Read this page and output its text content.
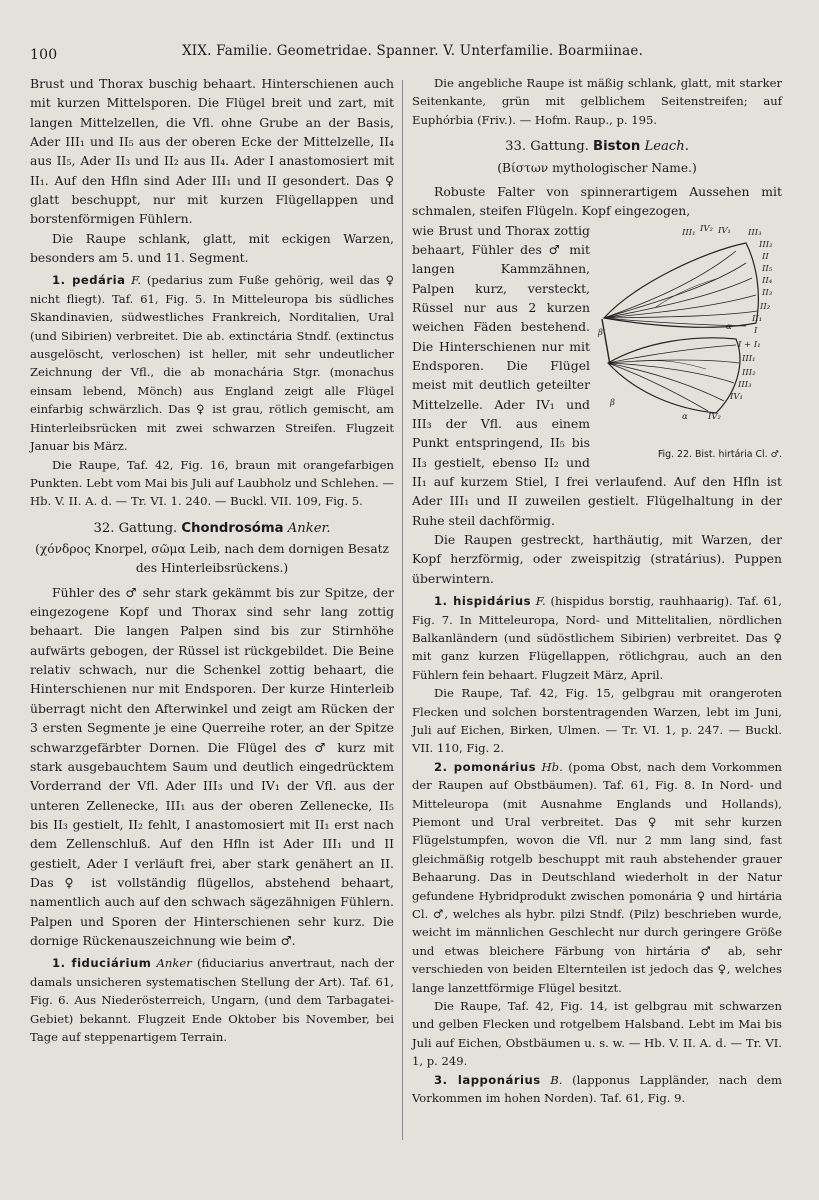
100	XIX. Familie. Geometridae. Spanner. V. Unterfamilie. Boarmiinae.

Brust und Thorax buschig behaart. Hinterschienen auch mit kurzen Mittelsporen. Die Flügel breit und zart, mit langen Mittelzellen, die Vfl. ohne Grube an der Basis, Ader III₁ und II₅ aus der oberen Ecke der Mittelzelle, II₄ aus II₅, Ader II₃ und II₂ aus II₄. Ader I anastomosiert mit II₁. Auf den Hfln sind Ader III₁ und II gesondert. Das ♀ glatt beschuppt, nur mit kurzen Flügellappen und borstenförmigen Fühlern.

Die Raupe schlank, glatt, mit eckigen Warzen, besonders am 5. und 11. Segment.

1. pedária F. (pedarius zum Fuße gehörig, weil das ♀ nicht fliegt). Taf. 61, Fig. 5. In Mitteleuropa bis südliches Skandinavien, südwestliches Frankreich, Norditalien, Ural (und Sibirien) verbreitet. Die ab. extinctária Stndf. (extinctus ausgelöscht, verloschen) ist heller, mit sehr undeutlicher Zeichnung der Vfl., die ab monachária Stgr. (monachus einsam lebend, Mönch) aus England zeigt alle Flügel einfarbig schwärzlich. Das ♀ ist grau, rötlich gemischt, am Hinterleibsrücken mit zwei schwarzen Streifen. Flugzeit Januar bis März.

Die Raupe, Taf. 42, Fig. 16, braun mit orangefarbigen Punkten. Lebt vom Mai bis Juli auf Laubholz und Schlehen. — Hb. V. II. A. d. — Tr. VI. 1. 240. — Buckl. VII. 109, Fig. 5.

32. Gattung. Chondrosóma Anker.

(χόνδρος Knorpel, σῶμα Leib, nach dem dornigen Besatz des Hinterleibsrückens.)

Fühler des ♂ sehr stark gekämmt bis zur Spitze, der eingezogene Kopf und Thorax sind sehr lang zottig behaart. Die langen Palpen sind bis zur Stirnhöhe aufwärts gebogen, der Rüssel ist rückgebildet. Die Beine relativ schwach, nur die Schenkel zottig behaart, die Hinterschienen nur mit Endsporen. Der kurze Hinterleib überragt nicht den Afterwinkel und zeigt am Rücken der 3 ersten Segmente je eine Querreihe roter, an der Spitze schwarzgefärbter Dornen. Die Flügel des ♂ kurz mit stark ausgebauchtem Saum und deutlich eingedrücktem Vorderrand der Vfl. Ader III₃ und IV₁ der Vfl. aus der unteren Zellenecke, III₁ aus der oberen Zellenecke, II₅ bis II₃ gestielt, II₂ fehlt, I anastomosiert mit II₁ erst nach dem Zellenschluß. Auf den Hfln ist Ader III₁ und II gestielt, Ader I verläuft frei, aber stark genähert an II. Das ♀ ist vollständig flügellos, abstehend behaart, namentlich auch auf den schwach sägezähnigen Fühlern. Palpen und Sporen der Hinterschienen sehr kurz. Die dornige Rückenauszeichnung wie beim ♂.

1. fiduciárium Anker (fiduciarius anvertraut, nach der damals unsicheren systematischen Stellung der Art). Taf. 61, Fig. 6. Aus Niederösterreich, Ungarn, (und dem Tarbagatei-Gebiet) bekannt. Flugzeit Ende Oktober bis November, bei Tage auf steppenartigem Terrain.

Die angebliche Raupe ist mäßig schlank, glatt, mit starker Seitenkante, grün mit gelblichem Seitenstreifen; auf Euphórbia (Friv.). — Hofm. Raup., p. 195.

33. Gattung. Biston Leach.

(Bίστων mythologischer Name.)

Robuste Falter von spinnerartigem Aussehen mit schmalen, steifen Flügeln. Kopf eingezogen,

III₁ IV₂ IV₁ III₃
III₂
II
II₅
II₄
II₃
II₂
II₁
I
α
β
I + I₁
III₁
III₂
III₃
IV₁
IV₂
α
β
Fig. 22. Bist. hirtária Cl. ♂.

wie Brust und Thorax zottig behaart, Fühler des ♂ mit langen Kammzähnen, Palpen kurz, versteckt, Rüssel nur aus 2 kurzen weichen Fäden bestehend. Die Hinterschienen nur mit Endsporen. Die Flügel meist mit deutlich geteilter Mittelzelle. Ader IV₁ und III₃ der Vfl. aus einem Punkt entspringend, II₅ bis II₃ gestielt, ebenso II₂ und II₁ auf kurzem Stiel, I frei verlaufend. Auf den Hfln ist Ader III₁ und II zuweilen gestielt. Flügelhaltung in der Ruhe steil dachförmig.

Die Raupen gestreckt, harthäutig, mit Warzen, der Kopf herzförmig, oder zweispitzig (stratárius). Puppen überwintern.

1. hispidárius F. (hispidus borstig, rauhhaarig). Taf. 61, Fig. 7. In Mitteleuropa, Nord- und Mittelitalien, nördlichen Balkanländern (und südöstlichem Sibirien) verbreitet. Das ♀ mit ganz kurzen Flügellappen, rötlichgrau, auch an den Fühlern fein behaart. Flugzeit März, April.

Die Raupe, Taf. 42, Fig. 15, gelbgrau mit orangeroten Flecken und solchen borstentragenden Warzen, lebt im Juni, Juli auf Eichen, Birken, Ulmen. — Tr. VI. 1, p. 247. — Buckl. VII. 110, Fig. 2.

2. pomonárius Hb. (poma Obst, nach dem Vorkommen der Raupen auf Obstbäumen). Taf. 61, Fig. 8. In Nord- und Mitteleuropa (mit Ausnahme Englands und Hollands), Piemont und Ural verbreitet. Das ♀ mit sehr kurzen Flügelstumpfen, wovon die Vfl. nur 2 mm lang sind, fast gleichmäßig rotgelb beschuppt mit rauh abstehender grauer Behaarung. Das in Deutschland wiederholt in der Natur gefundene Hybridprodukt zwischen pomonária ♀ und hirtária Cl. ♂, welches als hybr. pilzi Stndf. (Pilz) beschrieben wurde, weicht im männlichen Geschlecht nur durch geringere Größe und etwas bleichere Färbung von hirtária ♂ ab, sehr verschieden von beiden Elternteilen ist jedoch das ♀, welches lange lanzettförmige Flügel besitzt.

Die Raupe, Taf. 42, Fig. 14, ist gelbgrau mit schwarzen und gelben Flecken und rotgelbem Halsband. Lebt im Mai bis Juli auf Eichen, Obstbäumen u. s. w. — Hb. V. II. A. d. — Tr. VI. 1, p. 249.

3. lapponárius B. (lapponus Lappländer, nach dem Vorkommen im hohen Norden). Taf. 61, Fig. 9.
